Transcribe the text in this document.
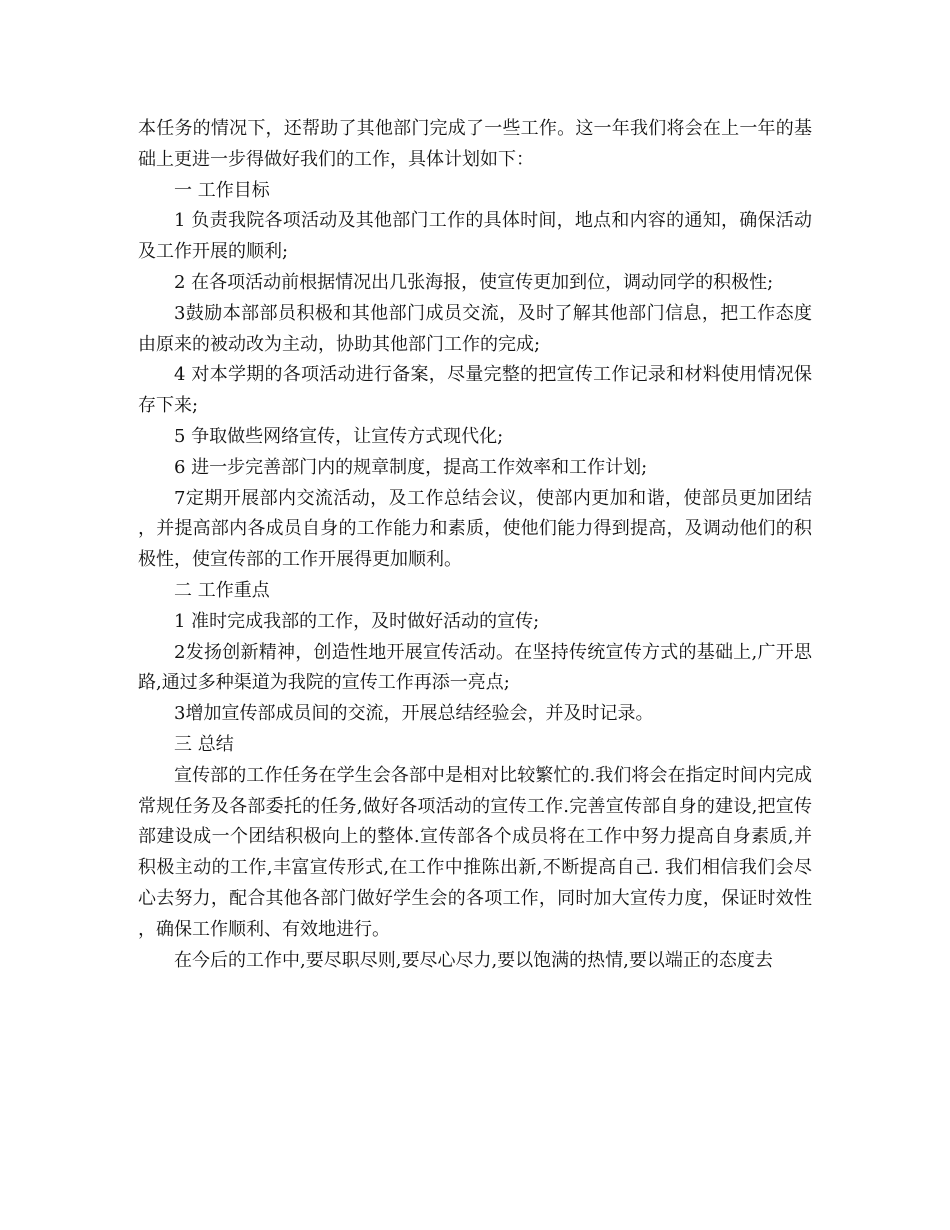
本任务的情况下，还帮助了其他部门完成了一些工作。这一年我们将会在上一年的基础上更进一步得做好我们的工作，具体计划如下：

一 工作目标

1 负责我院各项活动及其他部门工作的具体时间，地点和内容的通知，确保活动及工作开展的顺利;

2 在各项活动前根据情况出几张海报，使宣传更加到位，调动同学的积极性;

3鼓励本部部员积极和其他部门成员交流，及时了解其他部门信息，把工作态度由原来的被动改为主动，协助其他部门工作的完成;

4 对本学期的各项活动进行备案，尽量完整的把宣传工作记录和材料使用情况保存下来;

5 争取做些网络宣传，让宣传方式现代化;

6 进一步完善部门内的规章制度，提高工作效率和工作计划;

7定期开展部内交流活动，及工作总结会议，使部内更加和谐，使部员更加团结，并提高部内各成员自身的工作能力和素质，使他们能力得到提高，及调动他们的积极性，使宣传部的工作开展得更加顺利。

二 工作重点

1 准时完成我部的工作，及时做好活动的宣传;

2发扬创新精神，创造性地开展宣传活动。在坚持传统宣传方式的基础上,广开思路,通过多种渠道为我院的宣传工作再添一亮点;

3增加宣传部成员间的交流，开展总结经验会，并及时记录。

三 总结

宣传部的工作任务在学生会各部中是相对比较繁忙的.我们将会在指定时间内完成常规任务及各部委托的任务,做好各项活动的宣传工作.完善宣传部自身的建设,把宣传部建设成一个团结积极向上的整体.宣传部各个成员将在工作中努力提高自身素质,并积极主动的工作,丰富宣传形式,在工作中推陈出新,不断提高自己. 我们相信我们会尽心去努力，配合其他各部门做好学生会的各项工作，同时加大宣传力度，保证时效性，确保工作顺利、有效地进行。

在今后的工作中,要尽职尽则,要尽心尽力,要以饱满的热情,要以端正的态度去
